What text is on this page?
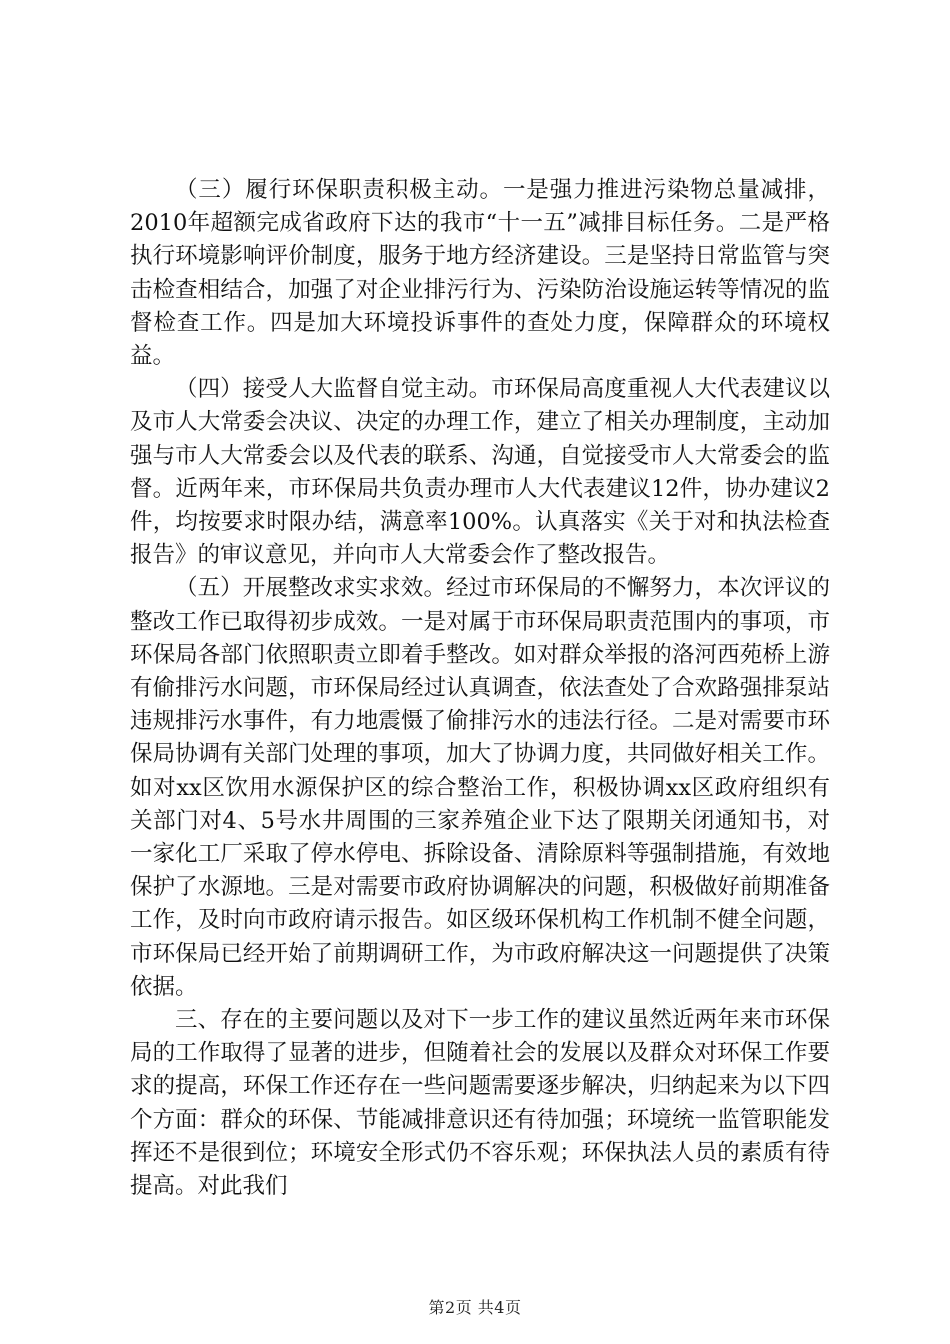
（三）履行环保职责积极主动。一是强力推进污染物总量减排，2010年超额完成省政府下达的我市“十一五”减排目标任务。二是严格执行环境影响评价制度，服务于地方经济建设。三是坚持日常监管与突击检查相结合，加强了对企业排污行为、污染防治设施运转等情况的监督检查工作。四是加大环境投诉事件的查处力度，保障群众的环境权益。

（四）接受人大监督自觉主动。市环保局高度重视人大代表建议以及市人大常委会决议、决定的办理工作，建立了相关办理制度，主动加强与市人大常委会以及代表的联系、沟通，自觉接受市人大常委会的监督。近两年来，市环保局共负责办理市人大代表建议12件，协办建议2件，均按要求时限办结，满意率100%。认真落实《关于对和执法检查报告》的审议意见，并向市人大常委会作了整改报告。

（五）开展整改求实求效。经过市环保局的不懈努力，本次评议的整改工作已取得初步成效。一是对属于市环保局职责范围内的事项，市环保局各部门依照职责立即着手整改。如对群众举报的洛河西苑桥上游有偷排污水问题，市环保局经过认真调查，依法查处了合欢路强排泵站违规排污水事件，有力地震慑了偷排污水的违法行径。二是对需要市环保局协调有关部门处理的事项，加大了协调力度，共同做好相关工作。如对xx区饮用水源保护区的综合整治工作，积极协调xx区政府组织有关部门对4、5号水井周围的三家养殖企业下达了限期关闭通知书，对一家化工厂采取了停水停电、拆除设备、清除原料等强制措施，有效地保护了水源地。三是对需要市政府协调解决的问题，积极做好前期准备工作，及时向市政府请示报告。如区级环保机构工作机制不健全问题，市环保局已经开始了前期调研工作，为市政府解决这一问题提供了决策依据。

三、存在的主要问题以及对下一步工作的建议虽然近两年来市环保局的工作取得了显著的进步，但随着社会的发展以及群众对环保工作要求的提高，环保工作还存在一些问题需要逐步解决，归纳起来为以下四个方面：群众的环保、节能减排意识还有待加强；环境统一监管职能发挥还不是很到位；环境安全形式仍不容乐观；环保执法人员的素质有待提高。对此我们

第2页 共4页
